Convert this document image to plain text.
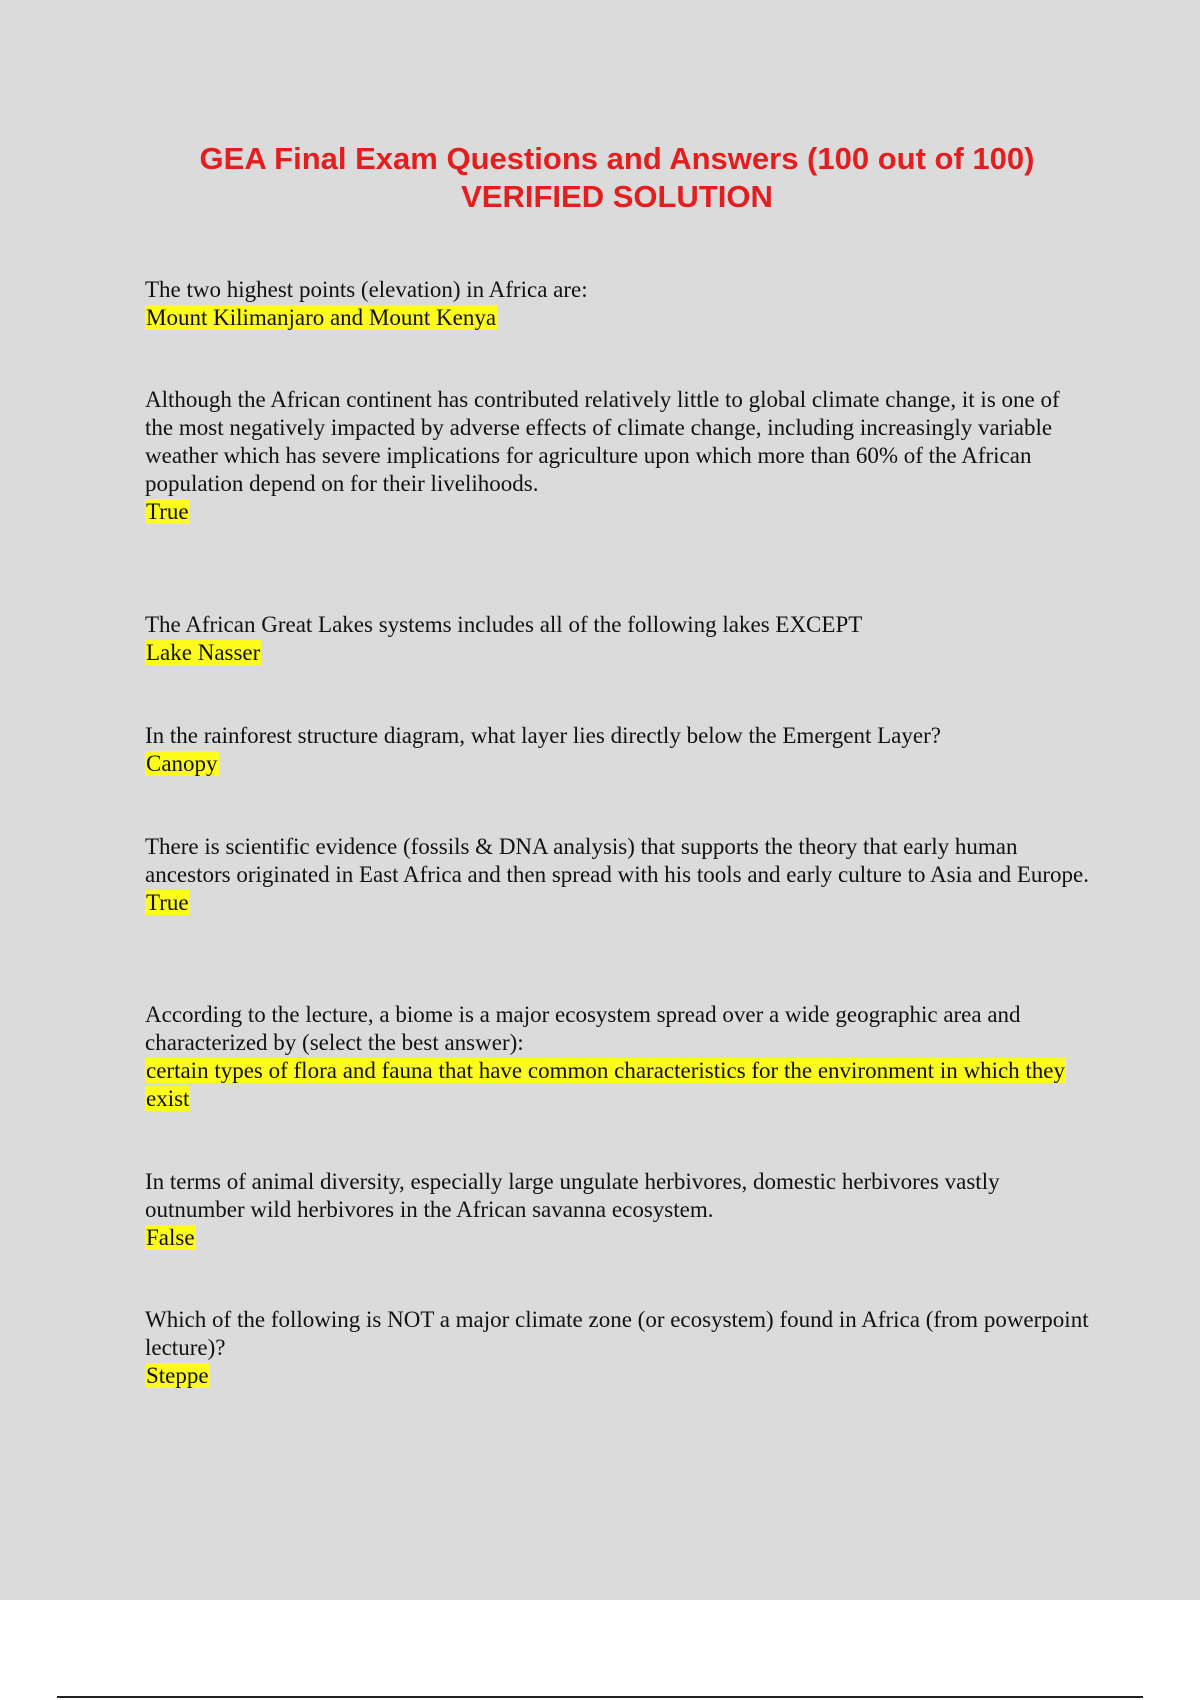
GEA Final Exam Questions and Answers (100 out of 100)
VERIFIED SOLUTION

The two highest points (elevation) in Africa are:

Mount Kilimanjaro and Mount Kenya

Although the African continent has contributed relatively little to global climate change, it is one of the most negatively impacted by adverse effects of climate change, including increasingly variable weather which has severe implications for agriculture upon which more than 60% of the African population depend on for their livelihoods.

True

The African Great Lakes systems includes all of the following lakes EXCEPT

Lake Nasser

In the rainforest structure diagram, what layer lies directly below the Emergent Layer?

Canopy

There is scientific evidence (fossils & DNA analysis) that supports the theory that early human ancestors originated in East Africa and then spread with his tools and early culture to Asia and Europe.

True

According to the lecture, a biome is a major ecosystem spread over a wide geographic area and characterized by (select the best answer):

certain types of flora and fauna that have common characteristics for the environment in which they exist

In terms of animal diversity, especially large ungulate herbivores, domestic herbivores vastly outnumber wild herbivores in the African savanna ecosystem.

False

Which of the following is NOT a major climate zone (or ecosystem) found in Africa (from powerpoint lecture)?

Steppe
